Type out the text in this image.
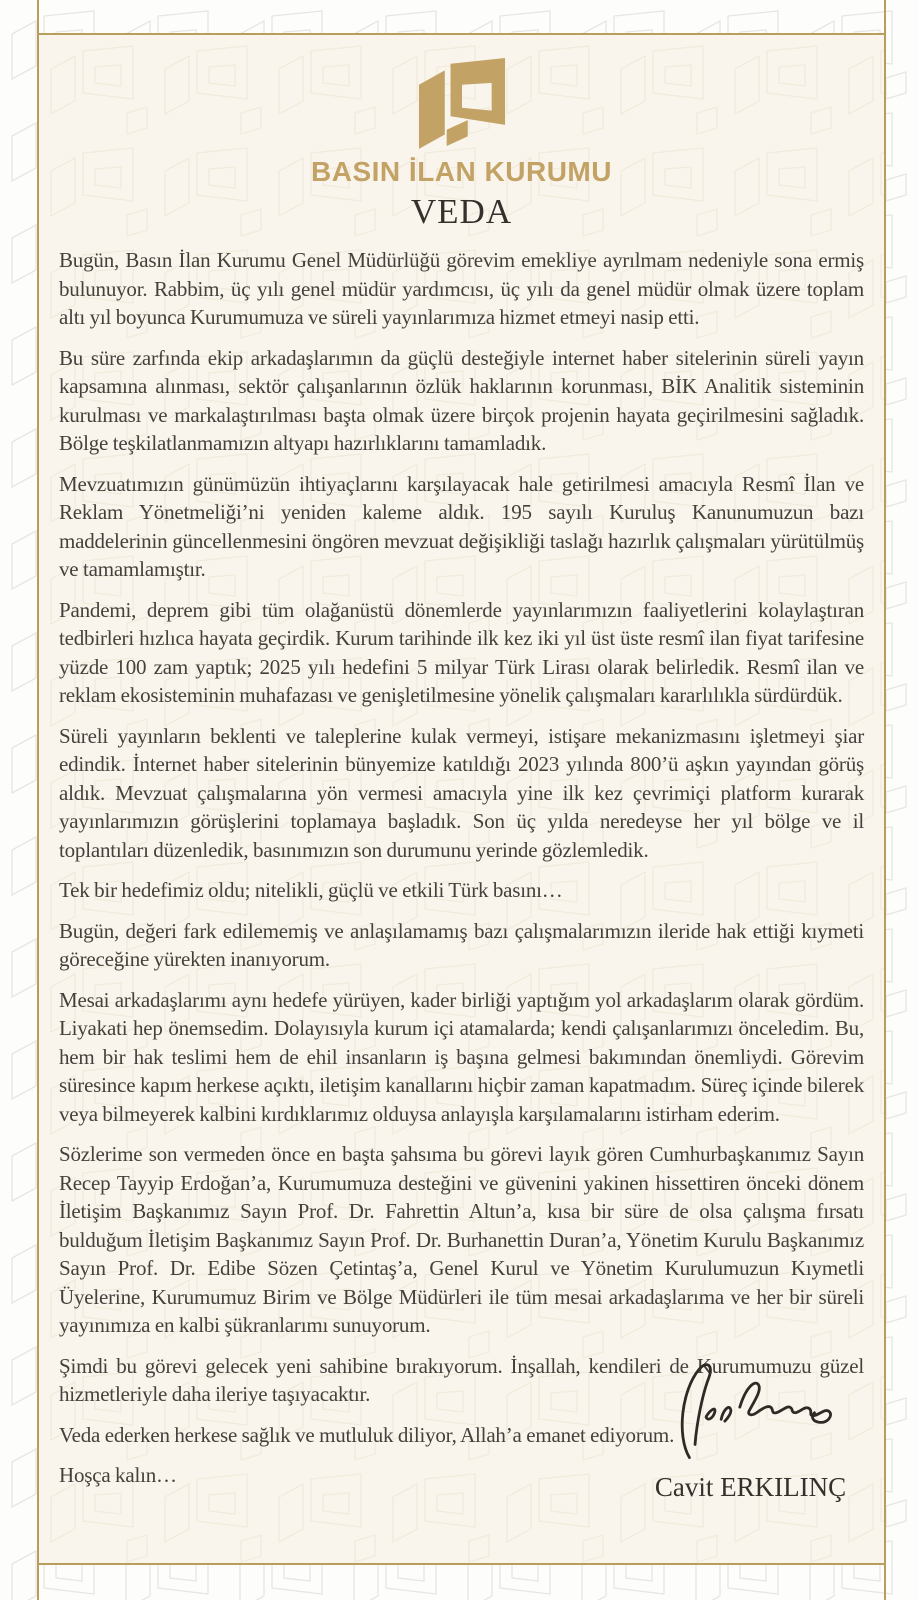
BASIN İLAN KURUMU
VEDA

Bugün, Basın İlan Kurumu Genel Müdürlüğü görevim emekliye ayrılmam nedeniyle sona ermiş bulunuyor. Rabbim, üç yılı genel müdür yardımcısı, üç yılı da genel müdür olmak üzere toplam altı yıl boyunca Kurumumuza ve süreli yayınlarımıza hizmet etmeyi nasip etti.

Bu süre zarfında ekip arkadaşlarımın da güçlü desteğiyle internet haber sitelerinin süreli yayın kapsamına alınması, sektör çalışanlarının özlük haklarının korunması, BİK Analitik sisteminin kurulması ve markalaştırılması başta olmak üzere birçok projenin hayata geçirilmesini sağladık. Bölge teşkilatlanmamızın altyapı hazırlıklarını tamamladık.

Mevzuatımızın günümüzün ihtiyaçlarını karşılayacak hale getirilmesi amacıyla Resmî İlan ve Reklam Yönetmeliği’ni yeniden kaleme aldık. 195 sayılı Kuruluş Kanunumuzun bazı maddelerinin güncellenmesini öngören mevzuat değişikliği taslağı hazırlık çalışmaları yürütülmüş ve tamamlamıştır.

Pandemi, deprem gibi tüm olağanüstü dönemlerde yayınlarımızın faaliyetlerini kolaylaştıran tedbirleri hızlıca hayata geçirdik. Kurum tarihinde ilk kez iki yıl üst üste resmî ilan fiyat tarifesine yüzde 100 zam yaptık; 2025 yılı hedefini 5 milyar Türk Lirası olarak belirledik. Resmî ilan ve reklam ekosisteminin muhafazası ve genişletilmesine yönelik çalışmaları kararlılıkla sürdürdük.

Süreli yayınların beklenti ve taleplerine kulak vermeyi, istişare mekanizmasını işletmeyi şiar edindik. İnternet haber sitelerinin bünyemize katıldığı 2023 yılında 800’ü aşkın yayından görüş aldık. Mevzuat çalışmalarına yön vermesi amacıyla yine ilk kez çevrimiçi platform kurarak yayınlarımızın görüşlerini toplamaya başladık. Son üç yılda neredeyse her yıl bölge ve il toplantıları düzenledik, basınımızın son durumunu yerinde gözlemledik.

Tek bir hedefimiz oldu; nitelikli, güçlü ve etkili Türk basını…

Bugün, değeri fark edilememiş ve anlaşılamamış bazı çalışmalarımızın ileride hak ettiği kıymeti göreceğine yürekten inanıyorum.

Mesai arkadaşlarımı aynı hedefe yürüyen, kader birliği yaptığım yol arkadaşlarım olarak gördüm. Liyakati hep önemsedim. Dolayısıyla kurum içi atamalarda; kendi çalışanlarımızı önceledim. Bu, hem bir hak teslimi hem de ehil insanların iş başına gelmesi bakımından önemliydi. Görevim süresince kapım herkese açıktı, iletişim kanallarını hiçbir zaman kapatmadım. Süreç içinde bilerek veya bilmeyerek kalbini kırdıklarımız olduysa anlayışla karşılamalarını istirham ederim.

Sözlerime son vermeden önce en başta şahsıma bu görevi layık gören Cumhurbaşkanımız Sayın Recep Tayyip Erdoğan’a, Kurumumuza desteğini ve güvenini yakinen hissettiren önceki dönem İletişim Başkanımız Sayın Prof. Dr. Fahrettin Altun’a, kısa bir süre de olsa çalışma fırsatı bulduğum İletişim Başkanımız Sayın Prof. Dr. Burhanettin Duran’a, Yönetim Kurulu Başkanımız Sayın Prof. Dr. Edibe Sözen Çetintaş’a, Genel Kurul ve Yönetim Kurulumuzun Kıymetli Üyelerine, Kurumumuz Birim ve Bölge Müdürleri ile tüm mesai arkadaşlarıma ve her bir süreli yayınımıza en kalbi şükranlarımı sunuyorum.

Şimdi bu görevi gelecek yeni sahibine bırakıyorum. İnşallah, kendileri de Kurumumuzu güzel hizmetleriyle daha ileriye taşıyacaktır.

Veda ederken herkese sağlık ve mutluluk diliyor, Allah’a emanet ediyorum.

Hoşça kalın…	Cavit ERKILINÇ
